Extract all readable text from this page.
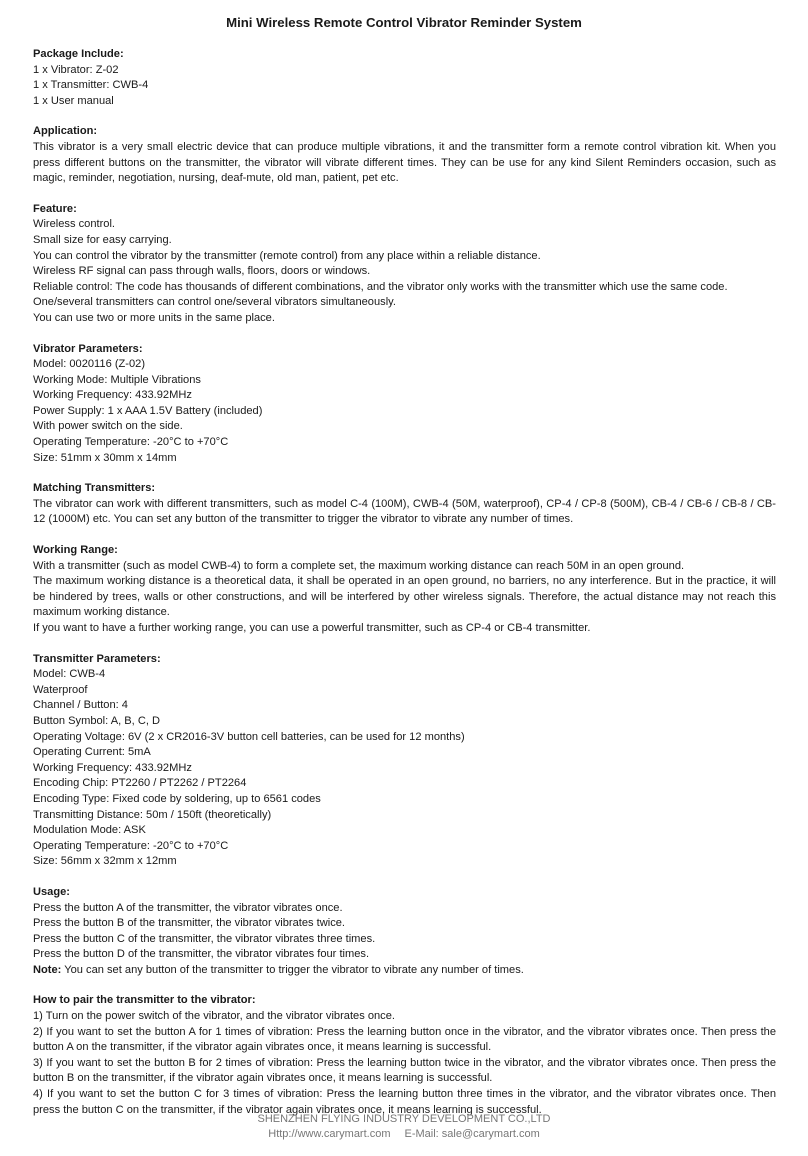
Mini Wireless Remote Control Vibrator Reminder System
Package Include:
1 x Vibrator: Z-02
1 x Transmitter: CWB-4
1 x User manual
Application:

This vibrator is a very small electric device that can produce multiple vibrations, it and the transmitter form a remote control vibration kit. When you press different buttons on the transmitter, the vibrator will vibrate different times. They can be use for any kind Silent Reminders occasion, such as magic, reminder, negotiation, nursing, deaf-mute, old man, patient, pet etc.

Feature:
Wireless control.
Small size for easy carrying.
You can control the vibrator by the transmitter (remote control) from any place within a reliable distance.
Wireless RF signal can pass through walls, floors, doors or windows.
Reliable control: The code has thousands of different combinations, and the vibrator only works with the transmitter which use the same code.
One/several transmitters can control one/several vibrators simultaneously.
You can use two or more units in the same place.
Vibrator Parameters:
Model: 0020116 (Z-02)
Working Mode: Multiple Vibrations
Working Frequency: 433.92MHz
Power Supply: 1 x AAA 1.5V Battery (included)
With power switch on the side.
Operating Temperature: -20°C to +70°C
Size: 51mm x 30mm x 14mm
Matching Transmitters:

The vibrator can work with different transmitters, such as model C-4 (100M), CWB-4 (50M, waterproof), CP-4 / CP-8 (500M), CB-4 / CB-6 / CB-8 / CB-12 (1000M) etc. You can set any button of the transmitter to trigger the vibrator to vibrate any number of times.

Working Range:

With a transmitter (such as model CWB-4) to form a complete set, the maximum working distance can reach 50M in an open ground.

The maximum working distance is a theoretical data, it shall be operated in an open ground, no barriers, no any interference. But in the practice, it will be hindered by trees, walls or other constructions, and will be interfered by other wireless signals. Therefore, the actual distance may not reach this maximum working distance.

If you want to have a further working range, you can use a powerful transmitter, such as CP-4 or CB-4 transmitter.

Transmitter Parameters:
Model: CWB-4
Waterproof
Channel / Button: 4
Button Symbol: A, B, C, D
Operating Voltage: 6V (2 x CR2016-3V button cell batteries, can be used for 12 months)
Operating Current: 5mA
Working Frequency: 433.92MHz
Encoding Chip: PT2260 / PT2262 / PT2264
Encoding Type: Fixed code by soldering, up to 6561 codes
Transmitting Distance: 50m / 150ft (theoretically)
Modulation Mode: ASK
Operating Temperature: -20°C to +70°C
Size: 56mm x 32mm x 12mm
Usage:
Press the button A of the transmitter, the vibrator vibrates once.
Press the button B of the transmitter, the vibrator vibrates twice.
Press the button C of the transmitter, the vibrator vibrates three times.
Press the button D of the transmitter, the vibrator vibrates four times.
Note: You can set any button of the transmitter to trigger the vibrator to vibrate any number of times.
How to pair the transmitter to the vibrator:

1) Turn on the power switch of the vibrator, and the vibrator vibrates once.

2) If you want to set the button A for 1 times of vibration: Press the learning button once in the vibrator, and the vibrator vibrates once. Then press the button A on the transmitter, if the vibrator again vibrates once, it means learning is successful.

3) If you want to set the button B for 2 times of vibration: Press the learning button twice in the vibrator, and the vibrator vibrates once. Then press the button B on the transmitter, if the vibrator again vibrates once, it means learning is successful.

4) If you want to set the button C for 3 times of vibration: Press the learning button three times in the vibrator, and the vibrator vibrates once. Then press the button C on the transmitter, if the vibrator again vibrates once, it means learning is successful.

SHENZHEN FLYING INDUSTRY DEVELOPMENT CO.,LTD
Http://www.carymart.com E-Mail: sale@carymart.com
